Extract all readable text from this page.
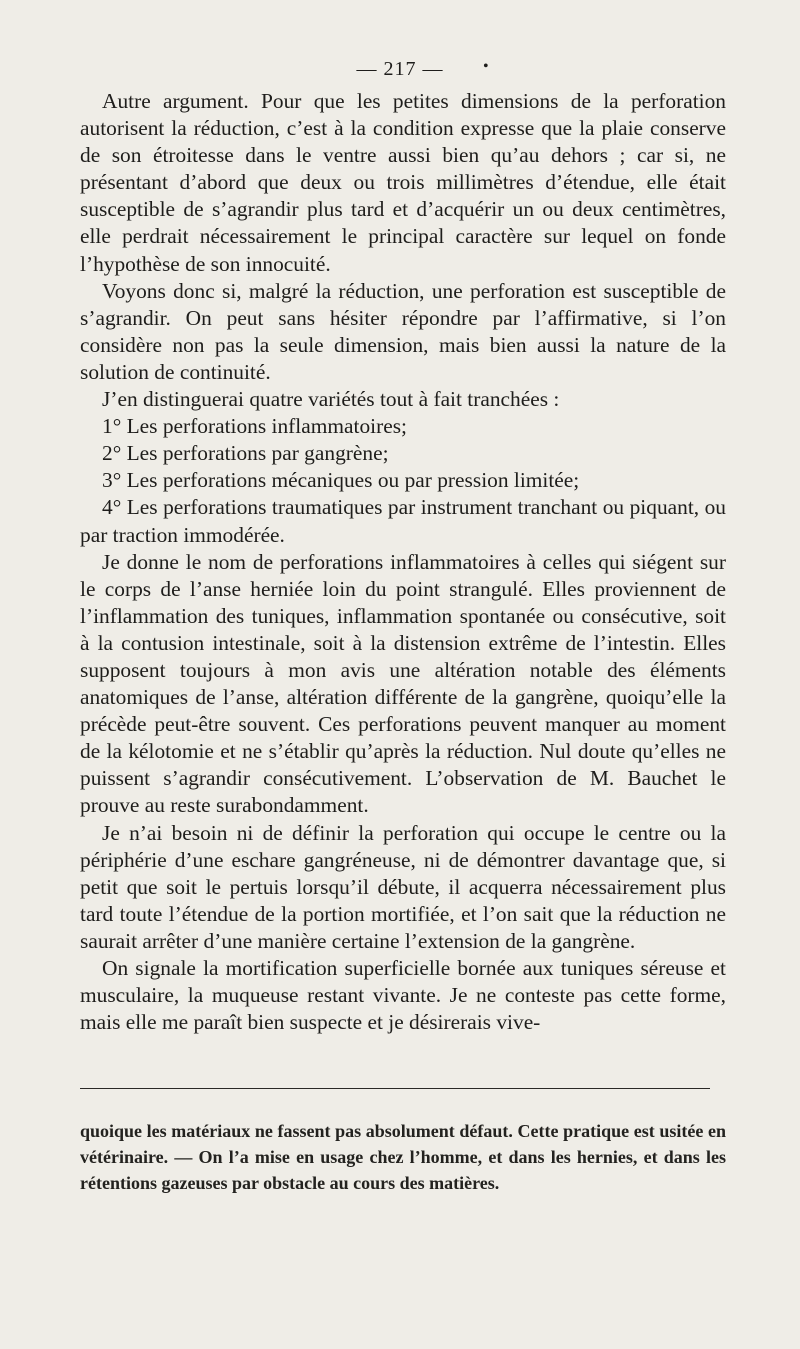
— 217 —	•

Autre argument. Pour que les petites dimensions de la perforation autorisent la réduction, c’est à la condition expresse que la plaie conserve de son étroitesse dans le ventre aussi bien qu’au dehors ; car si, ne présentant d’abord que deux ou trois millimètres d’étendue, elle était susceptible de s’agrandir plus tard et d’acquérir un ou deux centimètres, elle perdrait nécessairement le principal caractère sur lequel on fonde l’hypothèse de son innocuité.

Voyons donc si, malgré la réduction, une perforation est susceptible de s’agrandir. On peut sans hésiter répondre par l’affirmative, si l’on considère non pas la seule dimension, mais bien aussi la nature de la solution de continuité.

J’en distinguerai quatre variétés tout à fait tranchées :

1° Les perforations inflammatoires;

2° Les perforations par gangrène;

3° Les perforations mécaniques ou par pression limitée;

4° Les perforations traumatiques par instrument tranchant ou piquant, ou par traction immodérée.

Je donne le nom de perforations inflammatoires à celles qui siégent sur le corps de l’anse herniée loin du point strangulé. Elles proviennent de l’inflammation des tuniques, inflammation spontanée ou consécutive, soit à la contusion intestinale, soit à la distension extrême de l’intestin. Elles supposent toujours à mon avis une altération notable des éléments anatomiques de l’anse, altération différente de la gangrène, quoiqu’elle la précède peut-être souvent. Ces perforations peuvent manquer au moment de la kélotomie et ne s’établir qu’après la réduction. Nul doute qu’elles ne puissent s’agrandir consécutivement. L’observation de M. Bauchet le prouve au reste surabondamment.

Je n’ai besoin ni de définir la perforation qui occupe le centre ou la périphérie d’une eschare gangréneuse, ni de démontrer davantage que, si petit que soit le pertuis lorsqu’il débute, il acquerra nécessairement plus tard toute l’étendue de la portion mortifiée, et l’on sait que la réduction ne saurait arrêter d’une manière certaine l’extension de la gangrène.

On signale la mortification superficielle bornée aux tuniques séreuse et musculaire, la muqueuse restant vivante. Je ne conteste pas cette forme, mais elle me paraît bien suspecte et je désirerais vive-

quoique les matériaux ne fassent pas absolument défaut. Cette pratique est usitée en vétérinaire. — On l’a mise en usage chez l’homme, et dans les hernies, et dans les rétentions gazeuses par obstacle au cours des matières.
